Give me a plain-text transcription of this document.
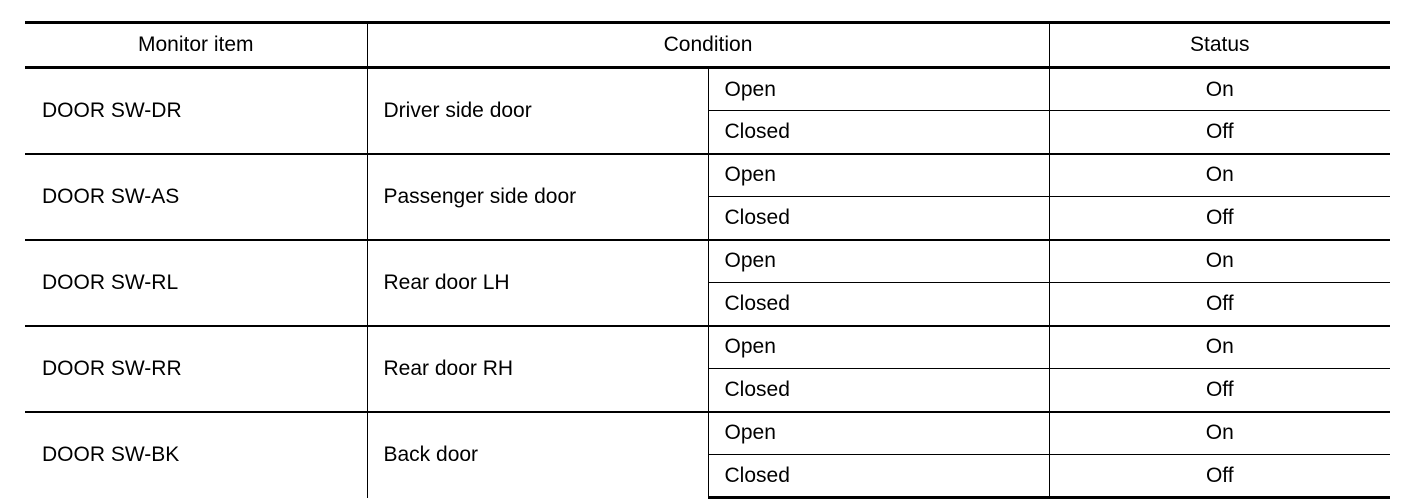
Monitor item	Condition		Status
DOOR SW-DR	Driver side door	Open	On
		Closed	Off
DOOR SW-AS	Passenger side door	Open	On
		Closed	Off
DOOR SW-RL	Rear door LH	Open	On
		Closed	Off
DOOR SW-RR	Rear door RH	Open	On
		Closed	Off
DOOR SW-BK	Back door	Open	On
		Closed	Off
